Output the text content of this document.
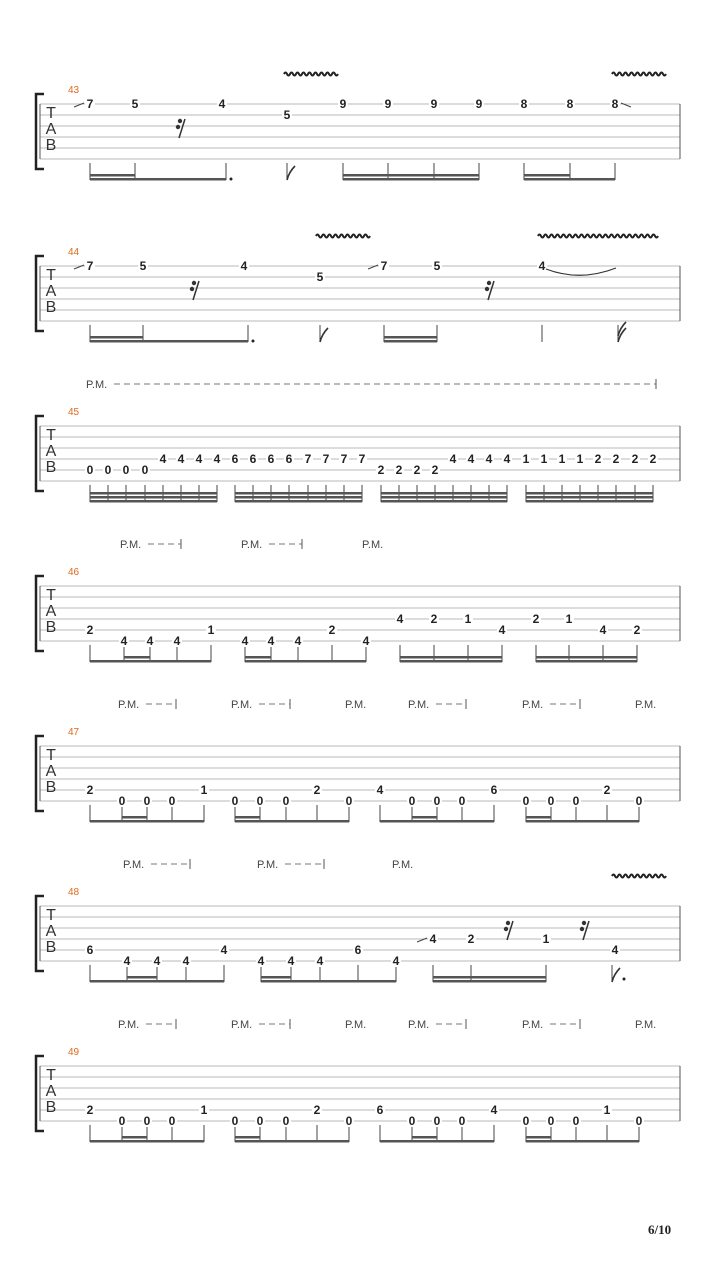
T
A
B
43
7	5	4
5
9	9	9	9	8	8	8
T
A
B
44
7	5	4
5
7	5	4
T
A
B
45
P.M.
0 0 0 0
4 4 4 4 6 6 6 6 7 7 7 7
2 2 2 2
4 4 4 4 1 1 1 1 2 2 2 2
T
A
B
46
P.M.	P.M.	P.M.
2
4 4 4
1
4 4 4
2
4
4 2 1
4
2 1
4 2
T
A
B
47
P.M.	P.M.	P.M.	P.M.	P.M.	P.M.
2
0 0 0
1
0 0 0
2
0
4
0 0 0
6
0 0 0
2
0
T
A
B
48
P.M.	P.M.	P.M.
6
4 4 4
4
4 4 4
6
4
4	2	1
4
T
A
B
49
P.M.	P.M.	P.M.	P.M.	P.M.	P.M.
2
0 0 0
1
0 0 0
2
0
6
0 0 0
4
0 0 0
1
0
6/10
